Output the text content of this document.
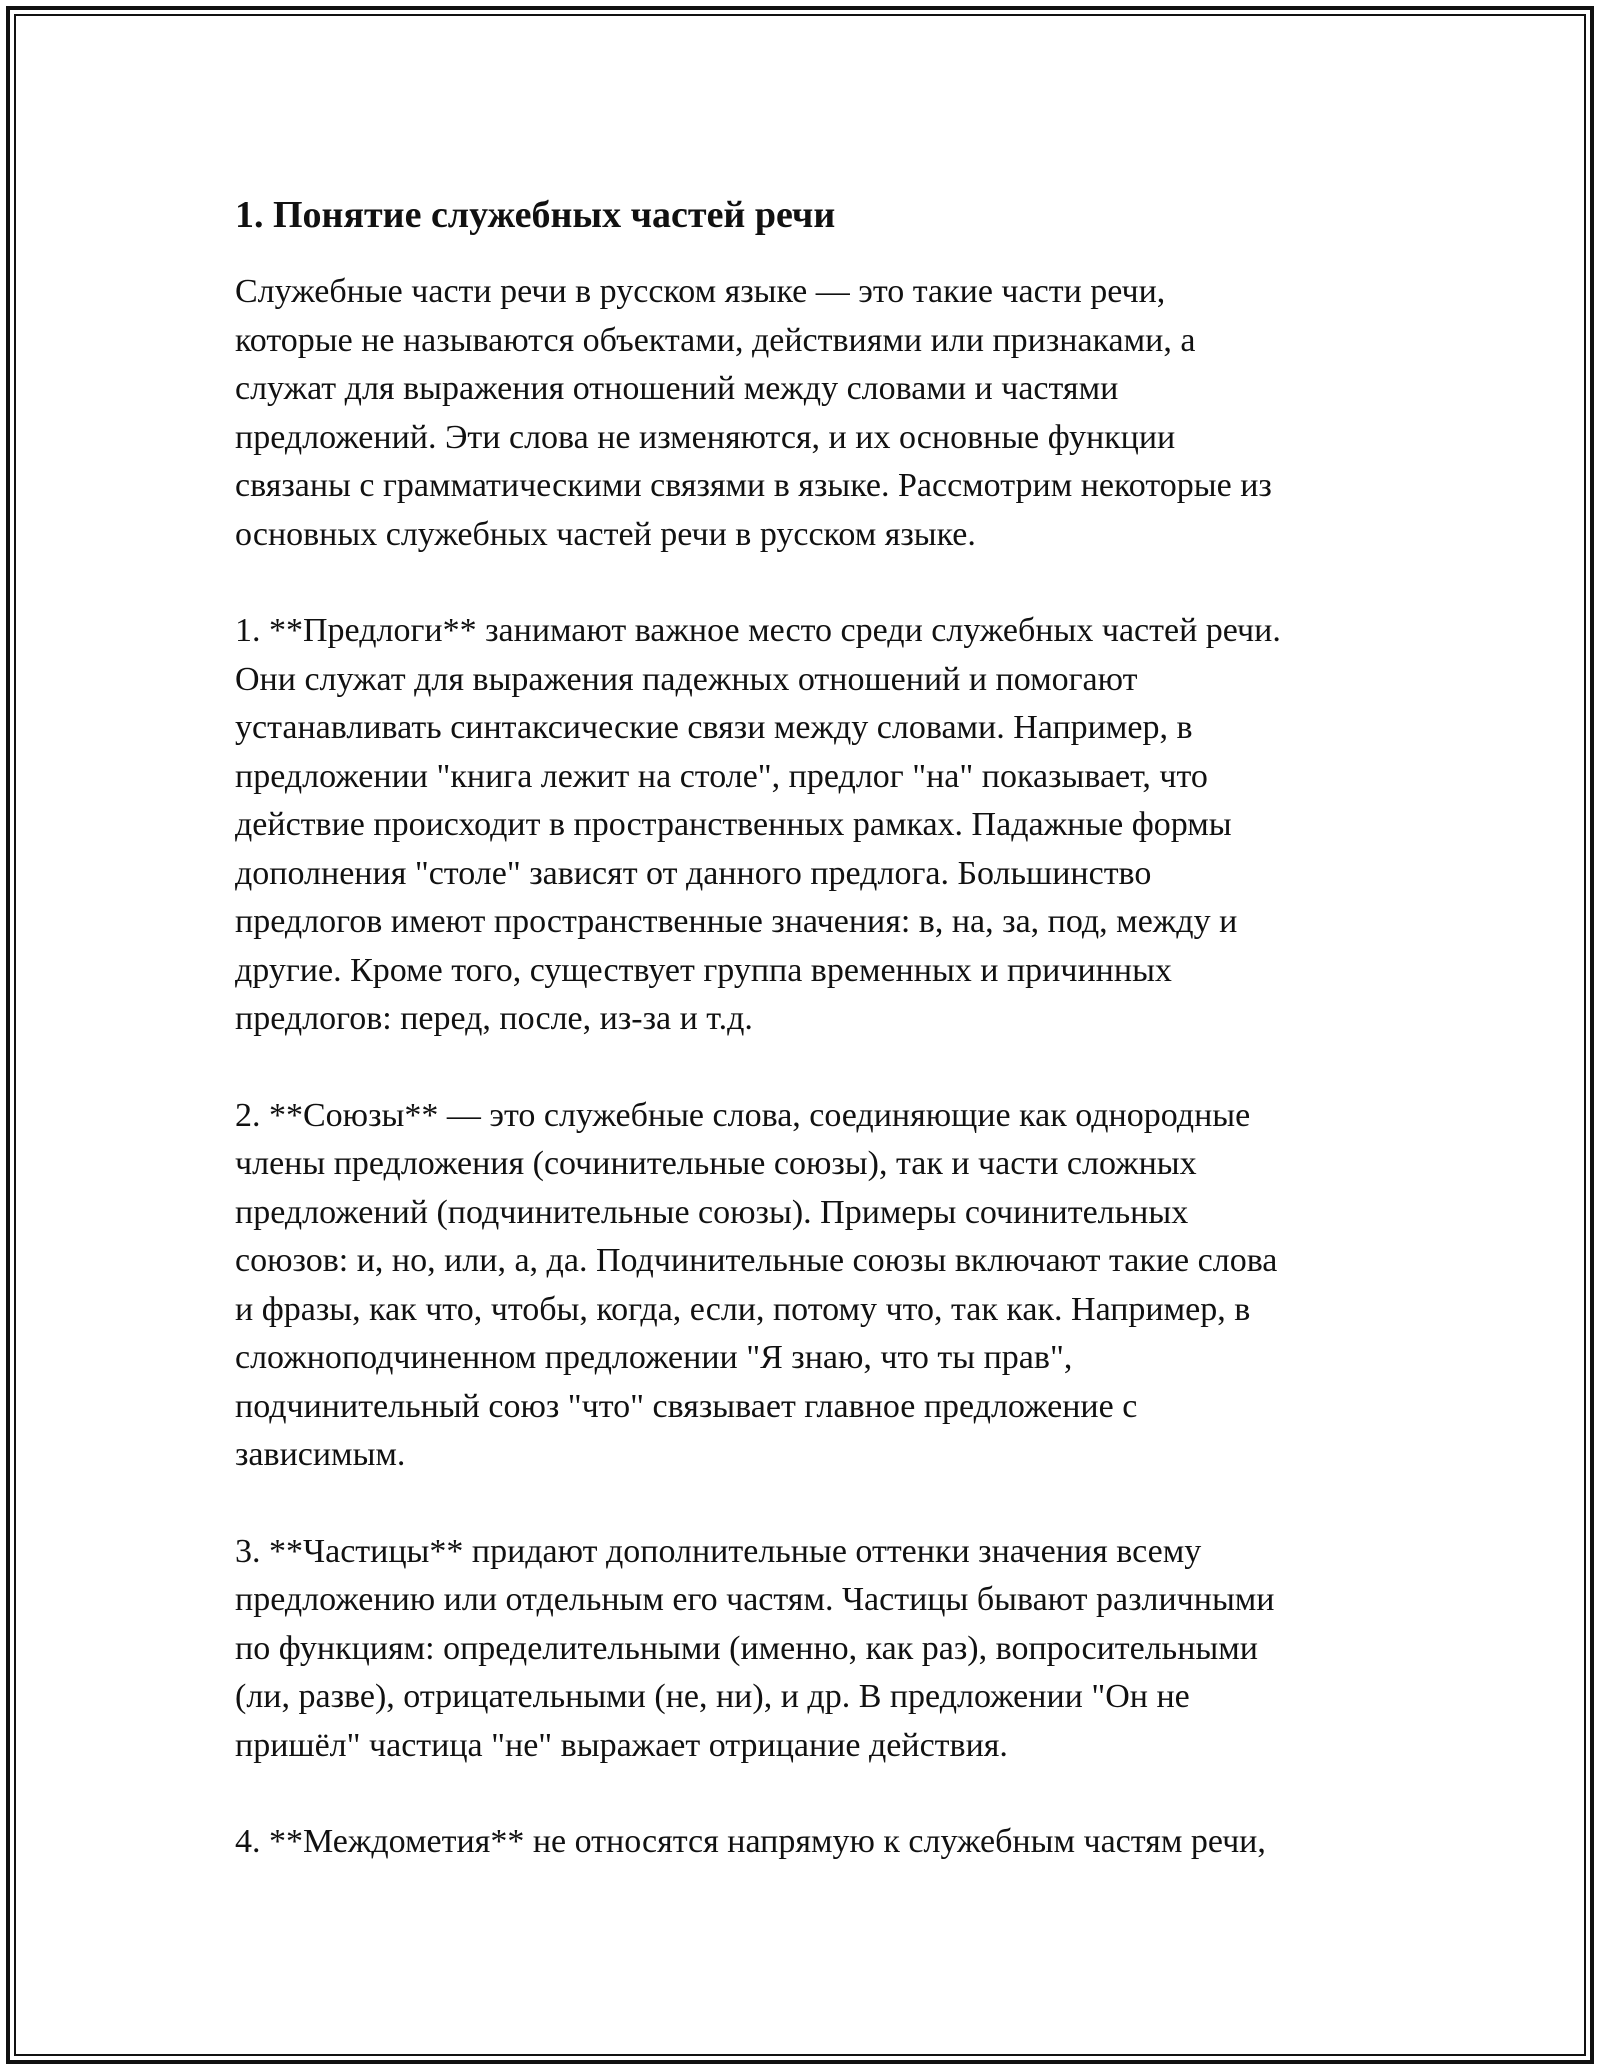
1. Понятие служебных частей речи

Служебные части речи в русском языке — это такие части речи,
которые не называются объектами, действиями или признаками, а
служат для выражения отношений между словами и частями
предложений. Эти слова не изменяются, и их основные функции
связаны с грамматическими связями в языке. Рассмотрим некоторые из
основных служебных частей речи в русском языке.

1. **Предлоги** занимают важное место среди служебных частей речи.
Они служат для выражения падежных отношений и помогают
устанавливать синтаксические связи между словами. Например, в
предложении "книга лежит на столе", предлог "на" показывает, что
действие происходит в пространственных рамках. Падажные формы
дополнения "столе" зависят от данного предлога. Большинство
предлогов имеют пространственные значения: в, на, за, под, между и
другие. Кроме того, существует группа временных и причинных
предлогов: перед, после, из-за и т.д.

2. **Союзы** — это служебные слова, соединяющие как однородные
члены предложения (сочинительные союзы), так и части сложных
предложений (подчинительные союзы). Примеры сочинительных
союзов: и, но, или, а, да. Подчинительные союзы включают такие слова
и фразы, как что, чтобы, когда, если, потому что, так как. Например, в
сложноподчиненном предложении "Я знаю, что ты прав",
подчинительный союз "что" связывает главное предложение с
зависимым.

3. **Частицы** придают дополнительные оттенки значения всему
предложению или отдельным его частям. Частицы бывают различными
по функциям: определительными (именно, как раз), вопросительными
(ли, разве), отрицательными (не, ни), и др. В предложении "Он не
пришёл" частица "не" выражает отрицание действия.

4. **Междометия** не относятся напрямую к служебным частям речи,
